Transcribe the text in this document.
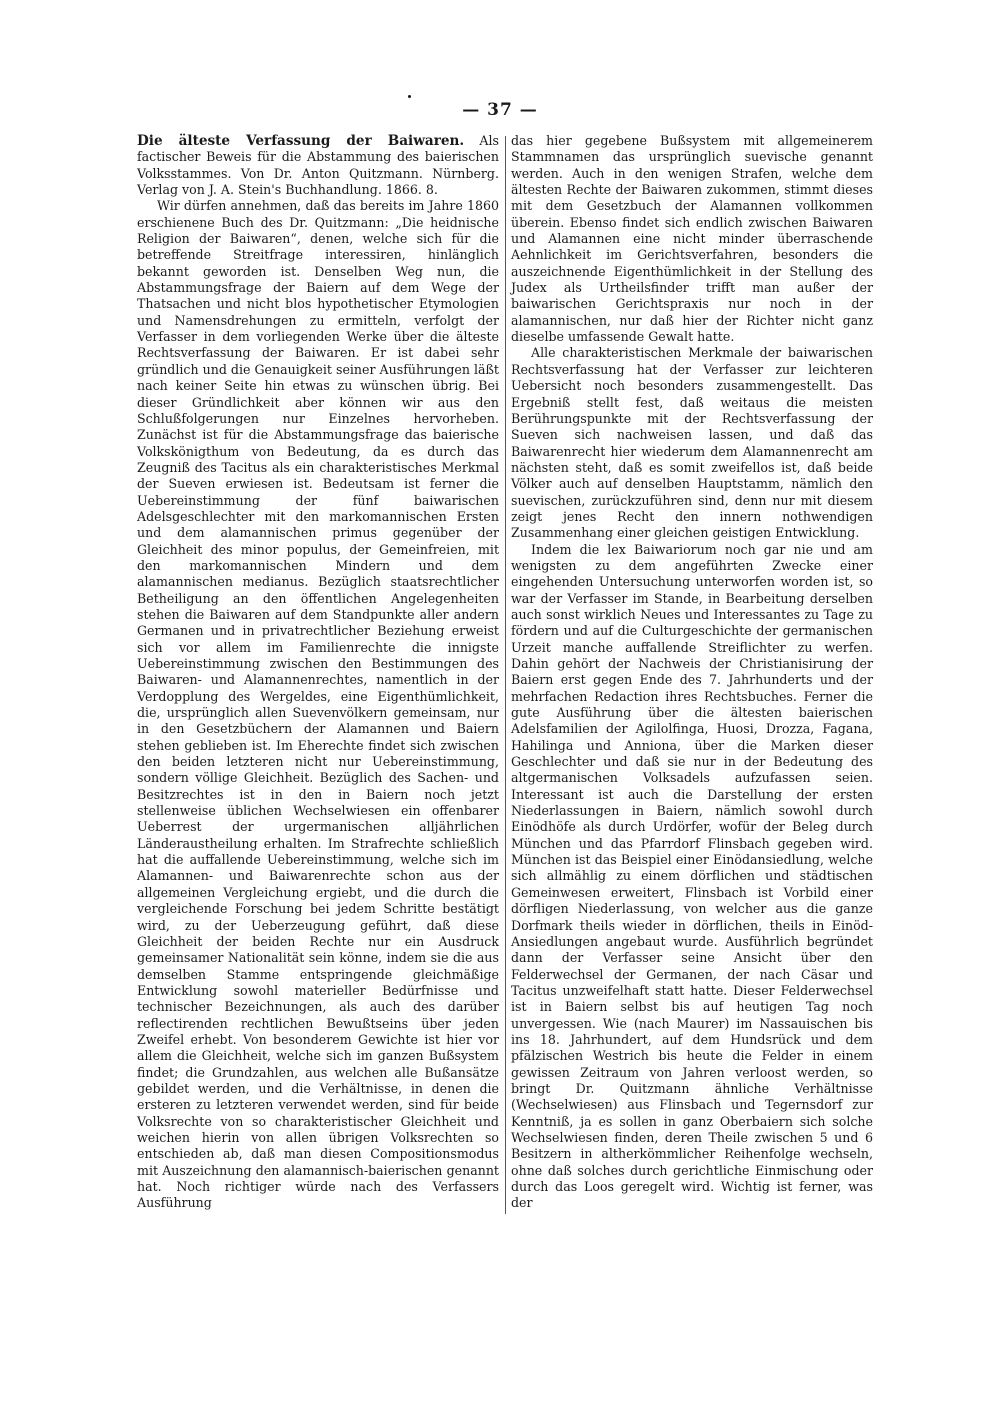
— 37 —

Die älteste Verfassung der Baiwaren. Als factischer Beweis für die Abstammung des baierischen Volksstammes. Von Dr. Anton Quitzmann. Nürnberg. Verlag von J. A. Stein's Buchhandlung. 1866. 8.

Wir dürfen annehmen, daß das bereits im Jahre 1860 erschienene Buch des Dr. Quitzmann: „Die heidnische Religion der Baiwaren“, denen, welche sich für die betreffende Streitfrage interessiren, hinlänglich bekannt geworden ist. Denselben Weg nun, die Abstammungsfrage der Baiern auf dem Wege der Thatsachen und nicht blos hypothetischer Etymologien und Namensdrehungen zu ermitteln, verfolgt der Verfasser in dem vorliegenden Werke über die älteste Rechtsverfassung der Baiwaren. Er ist dabei sehr gründlich und die Genauigkeit seiner Ausführungen läßt nach keiner Seite hin etwas zu wünschen übrig. Bei dieser Gründlichkeit aber können wir aus den Schlußfolgerungen nur Einzelnes hervorheben. Zunächst ist für die Abstammungsfrage das baierische Volkskönigthum von Bedeutung, da es durch das Zeugniß des Tacitus als ein charakteristisches Merkmal der Sueven erwiesen ist. Bedeutsam ist ferner die Uebereinstimmung der fünf baiwarischen Adelsgeschlechter mit den markomannischen Ersten und dem alamannischen primus gegenüber der Gleichheit des minor populus, der Gemeinfreien, mit den markomannischen Mindern und dem alamannischen medianus. Bezüglich staatsrechtlicher Betheiligung an den öffentlichen Angelegenheiten stehen die Baiwaren auf dem Standpunkte aller andern Germanen und in privatrechtlicher Beziehung erweist sich vor allem im Familienrechte die innigste Uebereinstimmung zwischen den Bestimmungen des Baiwaren- und Alamannenrechtes, namentlich in der Verdopplung des Wergeldes, eine Eigenthümlichkeit, die, ursprünglich allen Suevenvölkern gemeinsam, nur in den Gesetzbüchern der Alamannen und Baiern stehen geblieben ist. Im Eherechte findet sich zwischen den beiden letzteren nicht nur Uebereinstimmung, sondern völlige Gleichheit. Bezüglich des Sachen- und Besitzrechtes ist in den in Baiern noch jetzt stellenweise üblichen Wechselwiesen ein offenbarer Ueberrest der urgermanischen alljährlichen Länderaustheilung erhalten. Im Strafrechte schließlich hat die auffallende Uebereinstimmung, welche sich im Alamannen- und Baiwarenrechte schon aus der allgemeinen Vergleichung ergiebt, und die durch die vergleichende Forschung bei jedem Schritte bestätigt wird, zu der Ueberzeugung geführt, daß diese Gleichheit der beiden Rechte nur ein Ausdruck gemeinsamer Nationalität sein könne, indem sie die aus demselben Stamme entspringende gleichmäßige Entwicklung sowohl materieller Bedürfnisse und technischer Bezeichnungen, als auch des darüber reflectirenden rechtlichen Bewußtseins über jeden Zweifel erhebt. Von besonderem Gewichte ist hier vor allem die Gleichheit, welche sich im ganzen Bußsystem findet; die Grundzahlen, aus welchen alle Bußansätze gebildet werden, und die Verhältnisse, in denen die ersteren zu letzteren verwendet werden, sind für beide Volksrechte von so charakteristischer Gleichheit und weichen hierin von allen übrigen Volksrechten so entschieden ab, daß man diesen Compositionsmodus mit Auszeichnung den alamannisch-baierischen genannt hat. Noch richtiger würde nach des Verfassers Ausführung

das hier gegebene Bußsystem mit allgemeinerem Stammnamen das ursprünglich suevische genannt werden. Auch in den wenigen Strafen, welche dem ältesten Rechte der Baiwaren zukommen, stimmt dieses mit dem Gesetzbuch der Alamannen vollkommen überein. Ebenso findet sich endlich zwischen Baiwaren und Alamannen eine nicht minder überraschende Aehnlichkeit im Gerichtsverfahren, besonders die auszeichnende Eigenthümlichkeit in der Stellung des Judex als Urtheilsfinder trifft man außer der baiwarischen Gerichtspraxis nur noch in der alamannischen, nur daß hier der Richter nicht ganz dieselbe umfassende Gewalt hatte.

Alle charakteristischen Merkmale der baiwarischen Rechtsverfassung hat der Verfasser zur leichteren Uebersicht noch besonders zusammengestellt. Das Ergebniß stellt fest, daß weitaus die meisten Berührungspunkte mit der Rechtsverfassung der Sueven sich nachweisen lassen, und daß das Baiwarenrecht hier wiederum dem Alamannenrecht am nächsten steht, daß es somit zweifellos ist, daß beide Völker auch auf denselben Hauptstamm, nämlich den suevischen, zurückzuführen sind, denn nur mit diesem zeigt jenes Recht den innern nothwendigen Zusammenhang einer gleichen geistigen Entwicklung.

Indem die lex Baiwariorum noch gar nie und am wenigsten zu dem angeführten Zwecke einer eingehenden Untersuchung unterworfen worden ist, so war der Verfasser im Stande, in Bearbeitung derselben auch sonst wirklich Neues und Interessantes zu Tage zu fördern und auf die Culturgeschichte der germanischen Urzeit manche auffallende Streiflichter zu werfen. Dahin gehört der Nachweis der Christianisirung der Baiern erst gegen Ende des 7. Jahrhunderts und der mehrfachen Redaction ihres Rechtsbuches. Ferner die gute Ausführung über die ältesten baierischen Adelsfamilien der Agilolfinga, Huosi, Drozza, Fagana, Hahilinga und Anniona, über die Marken dieser Geschlechter und daß sie nur in der Bedeutung des altgermanischen Volksadels aufzufassen seien. Interessant ist auch die Darstellung der ersten Niederlassungen in Baiern, nämlich sowohl durch Einödhöfe als durch Urdörfer, wofür der Beleg durch München und das Pfarrdorf Flinsbach gegeben wird. München ist das Beispiel einer Einödansiedlung, welche sich allmählig zu einem dörflichen und städtischen Gemeinwesen erweitert, Flinsbach ist Vorbild einer dörfligen Niederlassung, von welcher aus die ganze Dorfmark theils wieder in dörflichen, theils in Einöd-Ansiedlungen angebaut wurde. Ausführlich begründet dann der Verfasser seine Ansicht über den Felderwechsel der Germanen, der nach Cäsar und Tacitus unzweifelhaft statt hatte. Dieser Felderwechsel ist in Baiern selbst bis auf heutigen Tag noch unvergessen. Wie (nach Maurer) im Nassauischen bis ins 18. Jahrhundert, auf dem Hundsrück und dem pfälzischen Westrich bis heute die Felder in einem gewissen Zeitraum von Jahren verloost werden, so bringt Dr. Quitzmann ähnliche Verhältnisse (Wechselwiesen) aus Flinsbach und Tegernsdorf zur Kenntniß, ja es sollen in ganz Oberbaiern sich solche Wechselwiesen finden, deren Theile zwischen 5 und 6 Besitzern in altherkömmlicher Reihenfolge wechseln, ohne daß solches durch gerichtliche Einmischung oder durch das Loos geregelt wird. Wichtig ist ferner, was der
